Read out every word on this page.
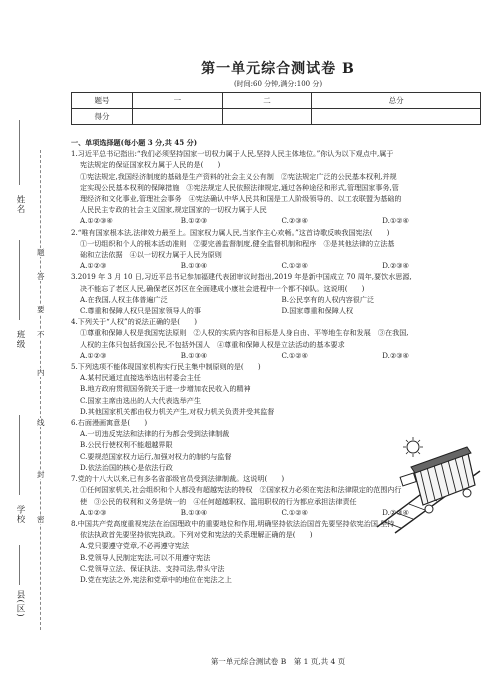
姓名
班级
学校
县(区)
答
题
不
要
内
线
封
密
第一单元综合测试卷 B
(时间:60 分钟,满分:100 分)
题号	一	二	总分
得分			

一、单项选择题(每小题 3 分,共 45 分)

1.习近平总书记指出:“我们必须坚持国家一切权力属于人民,坚持人民主体地位。”你认为以下观点中,属于

宪法规定的保证国家权力属于人民的是(　　)

①宪法规定,我国经济制度的基础是生产资料的社会主义公有制　②宪法规定广泛的公民基本权利,并规

定实现公民基本权利的保障措施　③宪法规定人民依照法律规定,通过各种途径和形式,管理国家事务,管

理经济和文化事业,管理社会事务　④宪法确认中华人民共和国是工人阶级领导的、以工农联盟为基础的

人民民主专政的社会主义国家,规定国家的一切权力属于人民

A.①②③④	B.①②③	C.②③④	D.①②④

2.“唯有国家根本法,法律效力最至上。国家权力属人民,当家作主心欢畅。”这首诗歌反映我国宪法(　　)

①一切组织和个人的根本活动准则　②要完善监督制度,健全监督机制和程序　③是其他法律的立法基

础和立法依据　④以一切权力属于人民为原则

A.①②③	B.①③④	C.①②④	D.②③④

3.2019 年 3 月 10 日,习近平总书记参加福建代表团审议时指出,2019 年是新中国成立 70 周年,要饮水思源,

决不能忘了老区人民,确保老区苏区在全面建成小康社会进程中一个都不掉队。这说明(　　)

A.在我国,人权主体普遍广泛	B.公民享有的人权内容很广泛
C.尊重和保障人权只是国家领导人的事	D.国家尊重和保障人权

4.下列关于“人权”的说法正确的是(　　)

①尊重和保障人权是我国宪法原则　②人权的实质内容和目标是人身自由、平等地生存和发展　③在我国,

人权的主体只包括我国公民,不包括外国人　④尊重和保障人权是立法活动的基本要求

A.①②③	B.①③④	C.①②④	D.②③④

5.下列选项不能体现国家机构实行民主集中制原则的是(　　)

A.某村民通过直接选举选出村委会主任

B.地方政府贯彻国务院关于进一步增加农民收入的精神

C.国家主席由选出的人大代表选举产生

D.其他国家机关都由权力机关产生,对权力机关负责并受其监督

6.右面漫画寓意是(　　)

A.一切违反宪法和法律的行为都会受到法律制裁

B.公民行使权利不能超越界限

C.要规范国家权力运行,加强对权力的制约与监督

D.依法治国的核心是依法行政

7.党的十八大以来,已有多名省部级官员受到法律制裁。这说明(　　)

①任何国家机关,社会组织和个人都没有超越宪法的特权　②国家权力必须在宪法和法律限定的范围内行

使　③公民的权利和义务是统一的　④任何超越职权、滥用职权的行为都应承担法律责任

A.①②③	B.①③④	C.①②④	D.②③④

8.中国共产党高度重视宪法在治国理政中的重要地位和作用,明确坚持依法治国首先要坚持依宪治国,坚持

依法执政首先要坚持依宪执政。下列对党和宪法的关系理解正确的是(　　)

A.党只要遵守党章,不必再遵守宪法

B.党领导人民制定宪法,可以不用遵守宪法

C.党领导立法、保证执法、支持司法,带头守法

D.党在宪法之外,宪法和党章中的地位在宪法之上

第一单元综合测试卷 B　第 1 页,共 4 页
